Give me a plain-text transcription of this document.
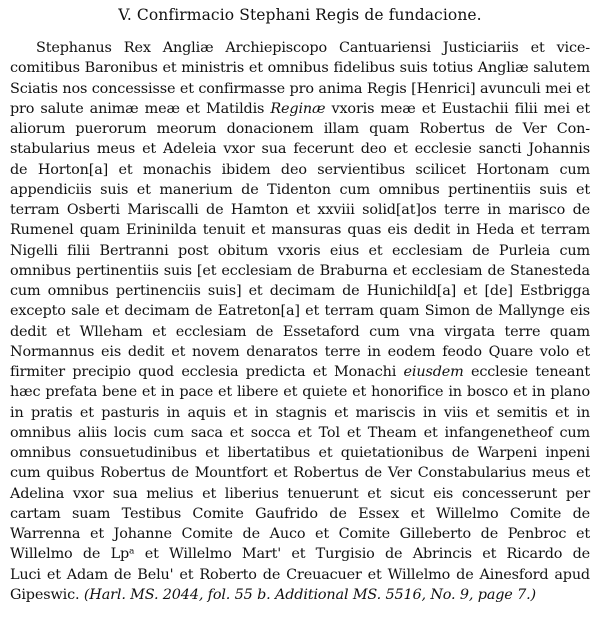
V. Confirmacio Stephani Regis de fundacione.
Stephanus Rex Angliæ Archiepiscopo Cantuariensi Justiciariis et vice-
comitibus Baronibus et ministris et omnibus fidelibus suis totius Angliæ salutem
Sciatis nos concessisse et confirmasse pro anima Regis [Henrici] avunculi mei et
pro salute animæ meæ et Matildis Reginæ vxoris meæ et Eustachii filii mei et
aliorum puerorum meorum donacionem illam quam Robertus de Ver Con-
stabularius meus et Adeleia vxor sua fecerunt deo et ecclesie sancti Johannis
de Horton[a] et monachis ibidem deo servientibus scilicet Hortonam cum
appendiciis suis et manerium de Tidenton cum omnibus pertinentiis suis et
terram Osberti Mariscalli de Hamton et xxviii solid[at]os terre in marisco de
Rumenel quam Erininilda tenuit et mansuras quas eis dedit in Heda et terram
Nigelli filii Bertranni post obitum vxoris eius et ecclesiam de Purleia cum
omnibus pertinentiis suis [et ecclesiam de Braburna et ecclesiam de Stanesteda
cum omnibus pertinenciis suis] et decimam de Hunichild[a] et [de] Estbrigga
excepto sale et decimam de Eatreton[a] et terram quam Simon de Mallynge eis
dedit et Wlleham et ecclesiam de Essetaford cum vna virgata terre quam
Normannus eis dedit et novem denaratos terre in eodem feodo Quare volo et
firmiter precipio quod ecclesia predicta et Monachi eiusdem ecclesie teneant
hæc prefata bene et in pace et libere et quiete et honorifice in bosco et in plano
in pratis et pasturis in aquis et in stagnis et mariscis in viis et semitis et in
omnibus aliis locis cum saca et socca et Tol et Theam et infangenetheof cum
omnibus consuetudinibus et libertatibus et quietationibus de Warpeni inpeni
cum quibus Robertus de Mountfort et Robertus de Ver Constabularius meus et
Adelina vxor sua melius et liberius tenuerunt et sicut eis concesserunt per
cartam suam Testibus Comite Gaufrido de Essex et Willelmo Comite de
Warrenna et Johanne Comite de Auco et Comite Gilleberto de Penbroc et
Willelmo de Lpᵃ et Willelmo Mart' et Turgisio de Abrincis et Ricardo de
Luci et Adam de Belu' et Roberto de Creuacuer et Willelmo de Ainesford apud
Gipeswic. (Harl. MS. 2044, fol. 55 b. Additional MS. 5516, No. 9, page 7.)
